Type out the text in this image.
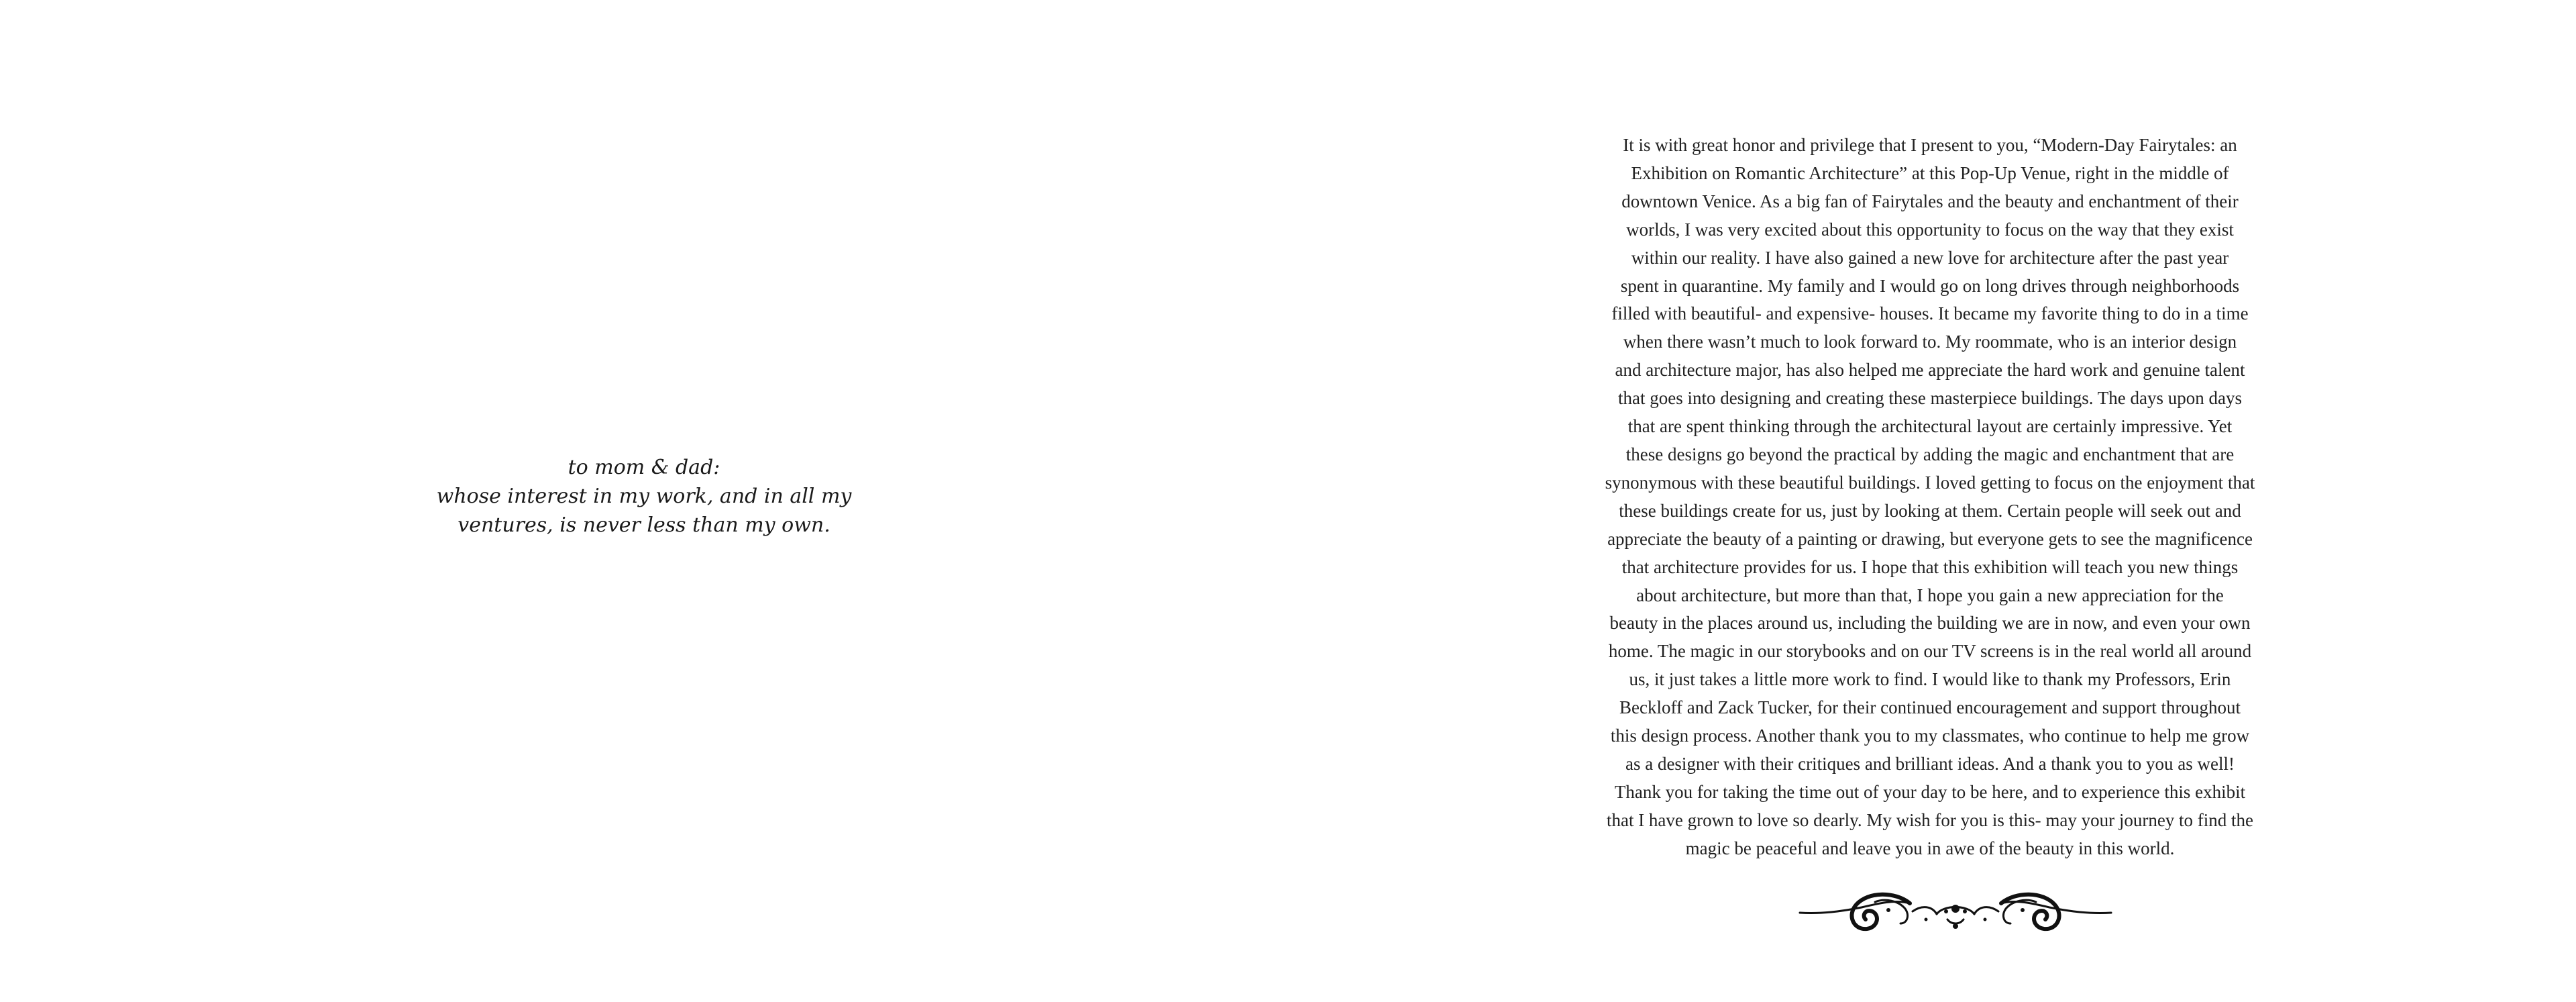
to mom & dad:
whose interest in my work, and in all my
ventures, is never less than my own.
It is with great honor and privilege that I present to you, “Modern-Day Fairytales: an
Exhibition on Romantic Architecture” at this Pop-Up Venue, right in the middle of
downtown Venice. As a big fan of Fairytales and the beauty and enchantment of their
worlds, I was very excited about this opportunity to focus on the way that they exist
within our reality. I have also gained a new love for architecture after the past year
spent in quarantine. My family and I would go on long drives through neighborhoods
filled with beautiful- and expensive- houses. It became my favorite thing to do in a time
when there wasn’t much to look forward to. My roommate, who is an interior design
and architecture major, has also helped me appreciate the hard work and genuine talent
that goes into designing and creating these masterpiece buildings. The days upon days
that are spent thinking through the architectural layout are certainly impressive. Yet
these designs go beyond the practical by adding the magic and enchantment that are
synonymous with these beautiful buildings. I loved getting to focus on the enjoyment that
these buildings create for us, just by looking at them. Certain people will seek out and
appreciate the beauty of a painting or drawing, but everyone gets to see the magnificence
that architecture provides for us. I hope that this exhibition will teach you new things
about architecture, but more than that, I hope you gain a new appreciation for the
beauty in the places around us, including the building we are in now, and even your own
home. The magic in our storybooks and on our TV screens is in the real world all around
us, it just takes a little more work to find. I would like to thank my Professors, Erin
Beckloff and Zack Tucker, for their continued encouragement and support throughout
this design process. Another thank you to my classmates, who continue to help me grow
as a designer with their critiques and brilliant ideas. And a thank you to you as well!
Thank you for taking the time out of your day to be here, and to experience this exhibit
that I have grown to love so dearly. My wish for you is this- may your journey to find the
magic be peaceful and leave you in awe of the beauty in this world.
